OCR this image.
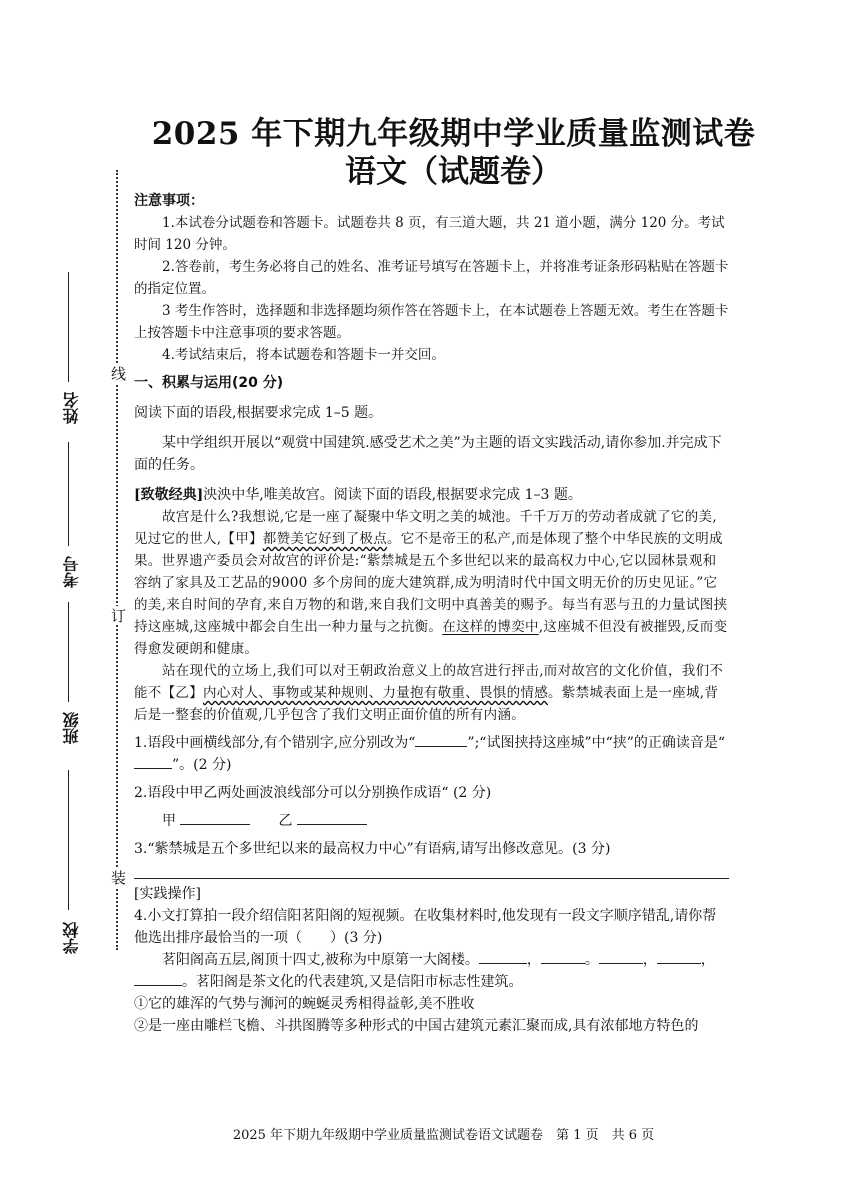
2025 年下期九年级期中学业质量监测试卷
语文（试题卷）
线
订
装
姓名
考号
班级
学校

注意事项：

1.本试卷分试题卷和答题卡。试题卷共 8 页，有三道大题，共 21 道小题，满分 120 分。考试时间 120 分钟。

2.答卷前，考生务必将自己的姓名、准考证号填写在答题卡上，并将准考证条形码粘贴在答题卡的指定位置。

3 考生作答时，选择题和非选择题均须作答在答题卡上，在本试题卷上答题无效。考生在答题卡上按答题卡中注意事项的要求答题。

4.考试结束后，将本试题卷和答题卡一并交回。

一、积累与运用(20 分)

阅读下面的语段,根据要求完成 1–5 题。

某中学组织开展以“观赏中国建筑.感受艺术之美”为主题的语文实践活动,请你参加.并完成下面的任务。

[致敬经典]泱泱中华,唯美故宫。阅读下面的语段,根据要求完成 1–3 题。

故宫是什么?我想说,它是一座了凝聚中华文明之美的城池。千千万万的劳动者成就了它的美,见过它的世人,【甲】都赞美它好到了极点。它不是帝王的私产,而是体现了整个中华民族的文明成果。世界遗产委员会对故宫的评价是:“紫禁城是五个多世纪以来的最高权力中心,它以园林景观和容纳了家具及工艺品的9000 多个房间的庞大建筑群,成为明清时代中国文明无价的历史见证。”它的美,来自时间的孕育,来自万物的和谐,来自我们文明中真善美的赐予。每当有恶与丑的力量试图挟持这座城,这座城中都会自生出一种力量与之抗衡。在这样的博奕中,这座城不但没有被摧毁,反而变得愈发硬朗和健康。

站在现代的立场上,我们可以对王朝政治意义上的故宫进行抨击,而对故宫的文化价值，我们不能不【乙】内心对人、事物或某种规则、力量抱有敬重、畏惧的情感。紫禁城表面上是一座城,背后是一整套的价值观,几乎包含了我们文明正面价值的所有内涵。

1.语段中画横线部分,有个错别字,应分别改为“	”;“试图挟持这座城”中“挟”的正确读音是“”。(2 分)

2.语段中甲乙两处画波浪线部分可以分别换作成语“ (2 分)

甲 　　	乙

3.“紫禁城是五个多世纪以来的最高权力中心”有语病,请写出修改意见。(3 分)

[实践操作]

4.小文打算拍一段介绍信阳茗阳阁的短视频。在收集材料时,他发现有一段文字顺序错乱,请你帮他选出排序最恰当的一项（　　）(3 分)

茗阳阁高五层,阁顶十四丈,被称为中原第一大阁楼。	，	。	，	，。茗阳阁是茶文化的代表建筑,又是信阳市标志性建筑。

①它的雄浑的气势与浉河的蜿蜒灵秀相得益彰,美不胜收

②是一座由雕栏飞檐、斗拱图腾等多种形式的中国古建筑元素汇聚而成,具有浓郁地方特色的

2025 年下期九年级期中学业质量监测试卷语文试题卷　第 1 页　共 6 页
